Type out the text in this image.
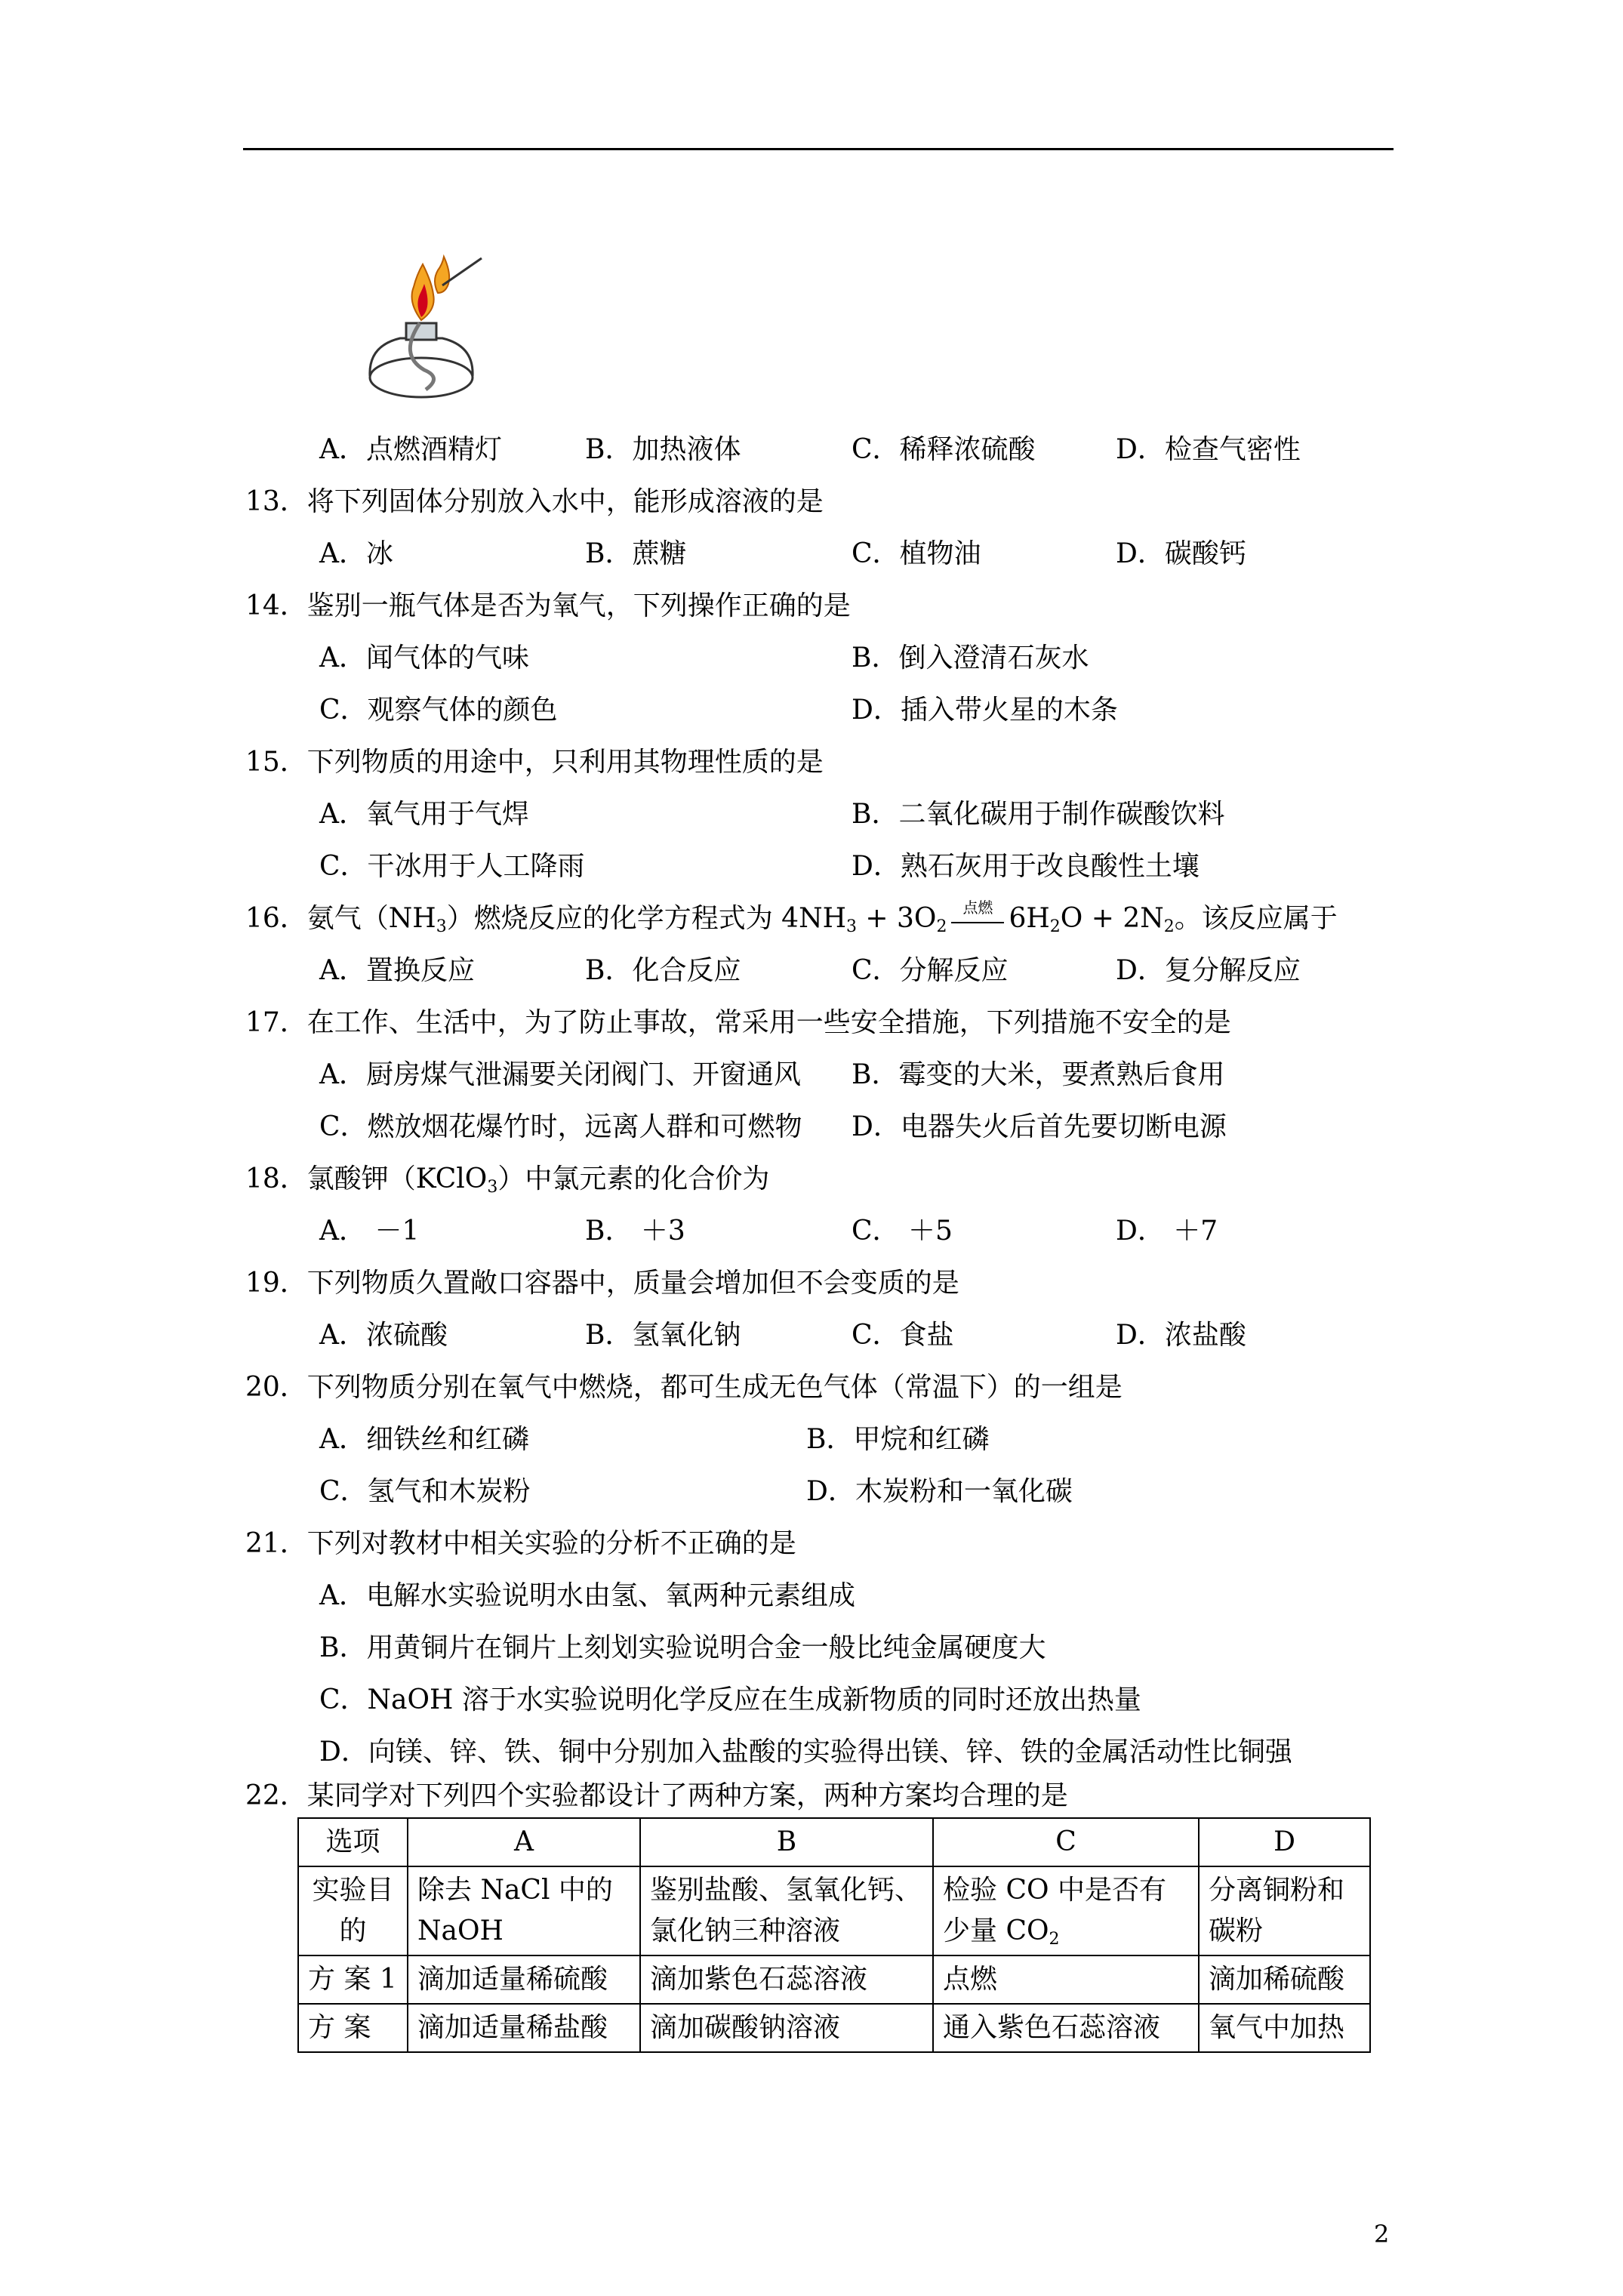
A．点燃酒精灯	B．加热液体	C．稀释浓硫酸	D．检查气密性
13．将下列固体分别放入水中，能形成溶液的是
A．冰	B．蔗糖	C．植物油	D．碳酸钙
14．鉴别一瓶气体是否为氧气，下列操作正确的是
A．闻气体的气味	B．倒入澄清石灰水
C．观察气体的颜色	D．插入带火星的木条
15．下列物质的用途中，只利用其物理性质的是
A．氧气用于气焊	B．二氧化碳用于制作碳酸饮料
C．干冰用于人工降雨	D．熟石灰用于改良酸性土壤
16．氨气$(NH_3)$燃烧反应的化学方程式为 $4NH_3 + 3O_2$
点燃 $6H_2O + 2N_2$。该反应属于
A．置换反应	B．化合反应	C．分解反应	D．复分解反应
17．在工作、生活中，为了防止事故，常采用一些安全措施，下列措施不安全的是
A．厨房煤气泄漏要关闭阀门、开窗通风 B．霉变的大米，要煮熟后食用
C．燃放烟花爆竹时，远离人群和可燃物 D．电器失火后首先要切断电源
18．氯酸钾（KClO$_3$）中氯元素的化合价为
A． －1	B． ＋3	C． ＋5	D． ＋7
19．下列物质久置敞口容器中，质量会增加但不会变质的是
A．浓硫酸	B．氢氧化钠	C．食盐	D．浓盐酸
20．下列物质分别在氧气中燃烧，都可生成无色气体（常温下）的一组是
A．细铁丝和红磷	B．甲烷和红磷
C．氢气和木炭粉	D．木炭粉和一氧化碳
21．下列对教材中相关实验的分析不正确的是
A．电解水实验说明水由氢、氧两种元素组成
B．用黄铜片在铜片上刻划实验说明合金一般比纯金属硬度大
C．NaOH 溶于水实验说明化学反应在生成新物质的同时还放出热量
D．向镁、锌、铁、铜中分别加入盐酸的实验得出镁、锌、铁的金属活动性比铜强
22．某同学对下列四个实验都设计了两种方案，两种方案均合理的是
选项	A	B	C	D
实验目的	除去 NaCl 中的 NaOH	鉴别盐酸、氢氧化钙、氯化钠三种溶液	检验 CO 中是否有少量 $CO_2$	分离铜粉和碳粉
方 案 1	滴加适量稀硫酸	滴加紫色石蕊溶液	点燃	滴加稀硫酸
方 案	滴加适量稀盐酸	滴加碳酸钠溶液	通入紫色石蕊溶液	氧气中加热
2
